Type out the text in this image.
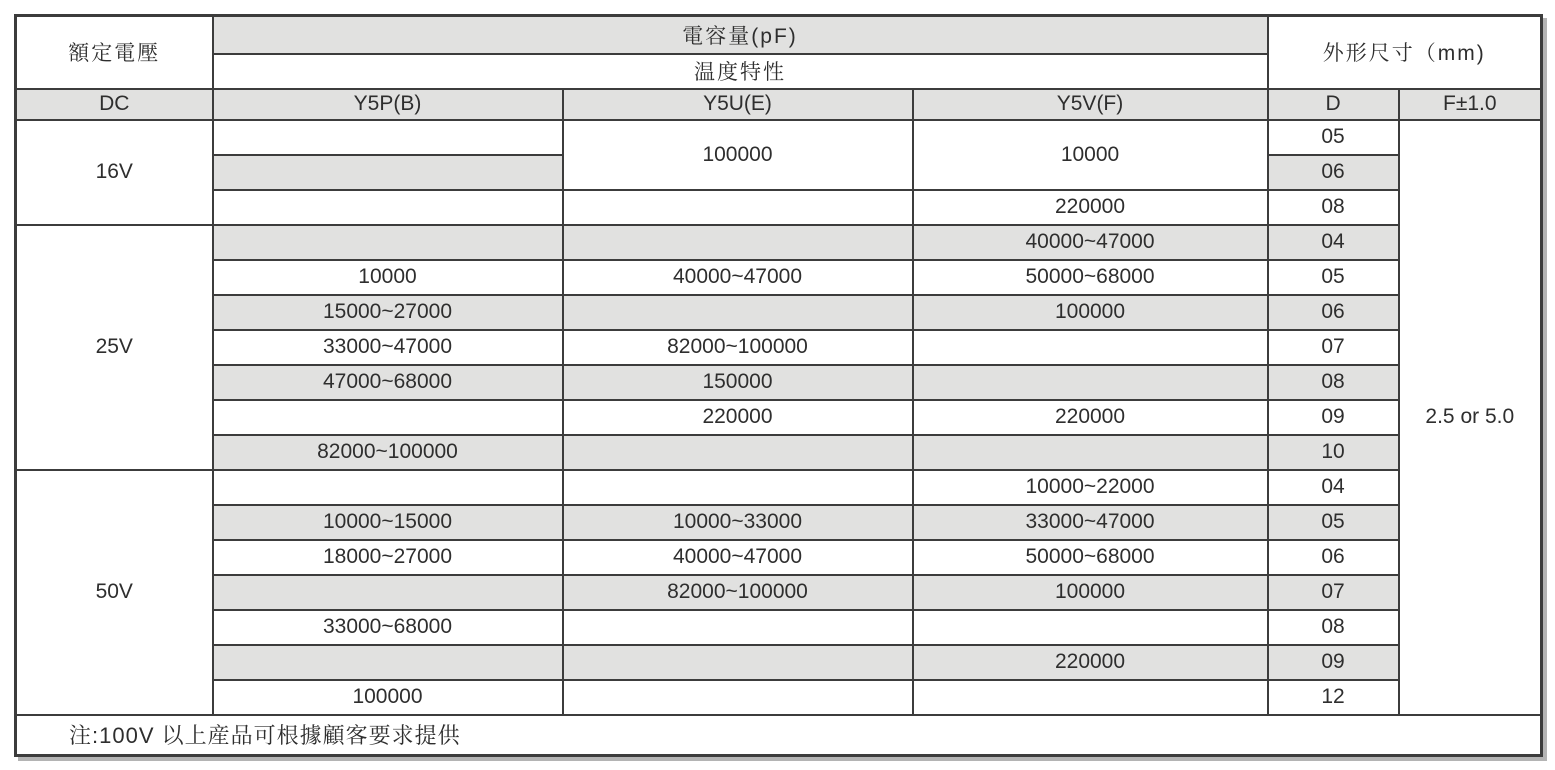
額定電壓	電容量(pF)			外形尺寸（mm)	
	温度特性				
DC	Y5P(B)	Y5U(E)	Y5V(F)	D	F±1.0
16V		100000	10000	05	2.5 or 5.0
				06	
			220000	08	
25V			40000~47000	04	
	10000	40000~47000	50000~68000	05	
	15000~27000		100000	06	
	33000~47000	82000~100000		07	
	47000~68000	150000		08	
		220000	220000	09	
	82000~100000			10	
50V			10000~22000	04	
	10000~15000	10000~33000	33000~47000	05	
	18000~27000	40000~47000	50000~68000	06	
		82000~100000	100000	07	
	33000~68000			08	
			220000	09	
	100000			12	
注:100V 以上産品可根據顧客要求提供					
